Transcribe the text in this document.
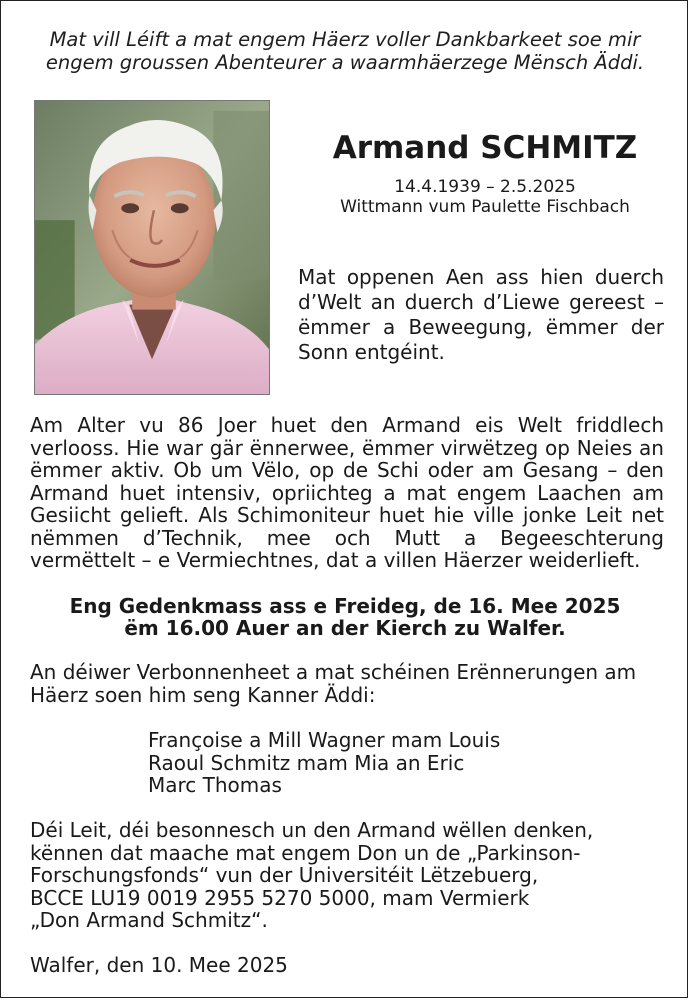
Mat vill Léift a mat engem Häerz voller Dankbarkeet soe mir
engem groussen Abenteurer a waarmhäerzege Mënsch Äddi.
Armand SCHMITZ
14.4.1939 – 2.5.2025
Wittmann vum Paulette Fischbach
Mat oppenen Aen ass hien duerch d’Welt an duerch d’Liewe gereest – ëmmer a Beweegung, ëmmer der Sonn entgéint.
Am Alter vu 86 Joer huet den Armand eis Welt friddlech verlooss. Hie war gär ënnerwee, ëmmer virwëtzeg op Neies an ëmmer aktiv. Ob um Vëlo, op de Schi oder am Gesang – den Armand huet intensiv, opriichteg a mat engem Laachen am Gesiicht gelieft. Als Schimoniteur huet hie ville jonke Leit net nëmmen d’Technik, mee och Mutt a Begeeschterung vermëttelt – e Vermiechtnes, dat a villen Häerzer weiderlieft.
Eng Gedenkmass ass e Freideg, de 16. Mee 2025
ëm 16.00 Auer an der Kierch zu Walfer.
An déiwer Verbonnenheet a mat schéinen Erënnerungen am Häerz soen him seng Kanner Äddi:
Françoise a Mill Wagner mam Louis
Raoul Schmitz mam Mia an Eric
Marc Thomas
Déi Leit, déi besonnesch un den Armand wëllen denken,
kënnen dat maache mat engem Don un de „Parkinson-
Forschungsfonds“ vun der Universitéit Lëtzebuerg,
BCCE LU19 0019 2955 5270 5000, mam Vermierk
„Don Armand Schmitz“.
Walfer, den 10. Mee 2025
